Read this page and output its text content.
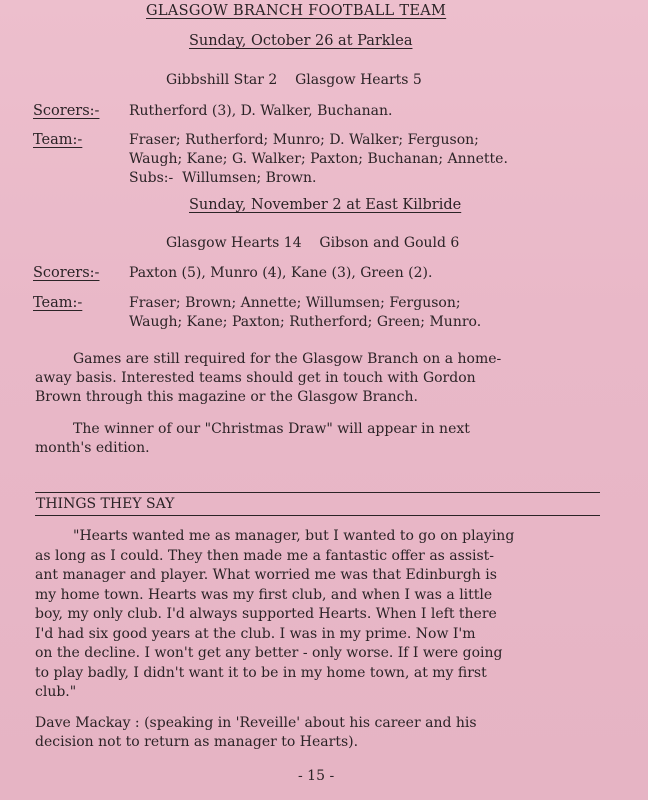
GLASGOW BRANCH FOOTBALL TEAM
Sunday, October 26 at Parklea
Gibbshill Star 2    Glasgow Hearts 5
Scorers:- Rutherford (3), D. Walker, Buchanan.
Team:-	Fraser; Rutherford; Munro; D. Walker; Ferguson;
Waugh; Kane; G. Walker; Paxton; Buchanan; Annette.
Subs:-  Willumsen; Brown.
Sunday, November 2 at East Kilbride
Glasgow Hearts 14    Gibson and Gould 6
Scorers:- Paxton (5), Munro (4), Kane (3), Green (2).
Team:-	Fraser; Brown; Annette; Willumsen; Ferguson;
Waugh; Kane; Paxton; Rutherford; Green; Munro.

Games are still required for the Glasgow Branch on a home-

away basis. Interested teams should get in touch with Gordon

Brown through this magazine or the Glasgow Branch.

The winner of our "Christmas Draw" will appear in next

month's edition.

THINGS THEY SAY

"Hearts wanted me as manager, but I wanted to go on playing

as long as I could. They then made me a fantastic offer as assist-

ant manager and player. What worried me was that Edinburgh is

my home town. Hearts was my first club, and when I was a little

boy, my only club. I'd always supported Hearts. When I left there

I'd had six good years at the club. I was in my prime. Now I'm

on the decline. I won't get any better - only worse. If I were going

to play badly, I didn't want it to be in my home town, at my first

club."

Dave Mackay : (speaking in 'Reveille' about his career and his

decision not to return as manager to Hearts).

- 15 -
